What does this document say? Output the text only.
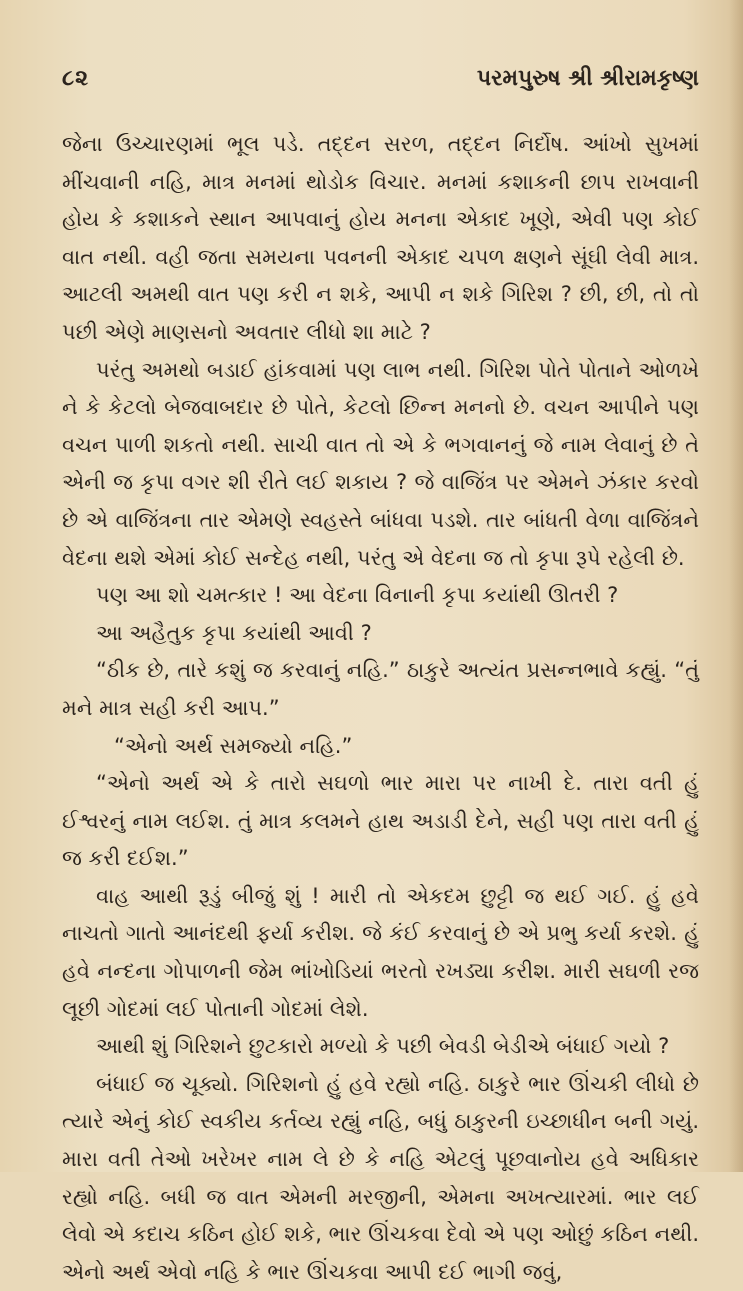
૮૨	પરમપુરુષ શ્રી શ્રીરામકૃષ્ણ

જેના ઉચ્ચારણમાં ભૂલ પડે. તદ્દન સરળ, તદ્દન નિર્દોષ. આંખો સુખમાં મીંચવાની નહિ, માત્ર મનમાં થોડોક વિચાર. મનમાં કશાકની છાપ રાખવાની હોય કે કશાકને સ્થાન આપવાનું હોય મનના એકાદ ખૂણે, એવી પણ કોઈ વાત નથી. વહી જતા સમયના પવનની એકાદ ચપળ ક્ષણને સૂંઘી લેવી માત્ર. આટલી અમથી વાત પણ કરી ન શકે, આપી ન શકે ગિરિશ ? છી, છી, તો તો પછી એણે માણસનો અવતાર લીધો શા માટે ?

પરંતુ અમથો બડાઈ હાંકવામાં પણ લાભ નથી. ગિરિશ પોતે પોતાને ઓળખે ને કે કેટલો બેજવાબદાર છે પોતે, કેટલો છિન્ન મનનો છે. વચન આપીને પણ વચન પાળી શકતો નથી. સાચી વાત તો એ કે ભગવાનનું જે નામ લેવાનું છે તે એની જ કૃપા વગર શી રીતે લઈ શકાય ? જે વાજિંત્ર પર એમને ઝંકાર કરવો છે એ વાજિંત્રના તાર એમણે સ્વહસ્તે બાંધવા પડશે. તાર બાંધતી વેળા વાજિંત્રને વેદના થશે એમાં કોઈ સન્દેહ નથી, પરંતુ એ વેદના જ તો કૃપા રૂપે રહેલી છે.

પણ આ શો ચમત્કાર ! આ વેદના વિનાની કૃપા કયાંથી ઊતરી ?

આ અહૈતુક કૃપા કયાંથી આવી ?

“ઠીક છે, તારે કશું જ કરવાનું નહિ.” ઠાકુરે અત્યંત પ્રસન્નભાવે કહ્યું. “તું મને માત્ર સહી કરી આપ.”

“એનો અર્થ સમજ્યો નહિ.”

“એનો અર્થ એ કે તારો સઘળો ભાર મારા પર નાખી દે. તારા વતી હું ઈશ્વરનું નામ લઈશ. તું માત્ર કલમને હાથ અડાડી દેને, સહી પણ તારા વતી હું જ કરી દઈશ.”

વાહ આથી રૂડું બીજું શું ! મારી તો એકદમ છુટ્ટી જ થઈ ગઈ. હું હવે નાચતો ગાતો આનંદથી ફર્યા કરીશ. જે કંઈ કરવાનું છે એ પ્રભુ કર્યા કરશે. હું હવે નન્દના ગોપાળની જેમ ભાંખોડિયાં ભરતો રખડ્યા કરીશ. મારી સઘળી રજ લૂછી ગોદમાં લઈ પોતાની ગોદમાં લેશે.

આથી શું ગિરિશને છુટકારો મળ્યો કે પછી બેવડી બેડીએ બંધાઈ ગયો ?

બંધાઈ જ ચૂક્યો. ગિરિશનો હું હવે રહ્યો નહિ. ઠાકુરે ભાર ઊંચકી લીધો છે ત્યારે એનું કોઈ સ્વકીય કર્તવ્ય રહ્યું નહિ, બધું ઠાકુરની ઇચ્છાધીન બની ગયું. મારા વતી તેઓ ખરેખર નામ લે છે કે નહિ એટલું પૂછવાનોય હવે અધિકાર રહ્યો નહિ. બધી જ વાત એમની મરજીની, એમના અખત્યારમાં. ભાર લઈ લેવો એ કદાચ કઠિન હોઈ શકે, ભાર ઊંચકવા દેવો એ પણ ઓછું કઠિન નથી. એનો અર્થ એવો નહિ કે ભાર ઊંચકવા આપી દઈ ભાગી જવું,
